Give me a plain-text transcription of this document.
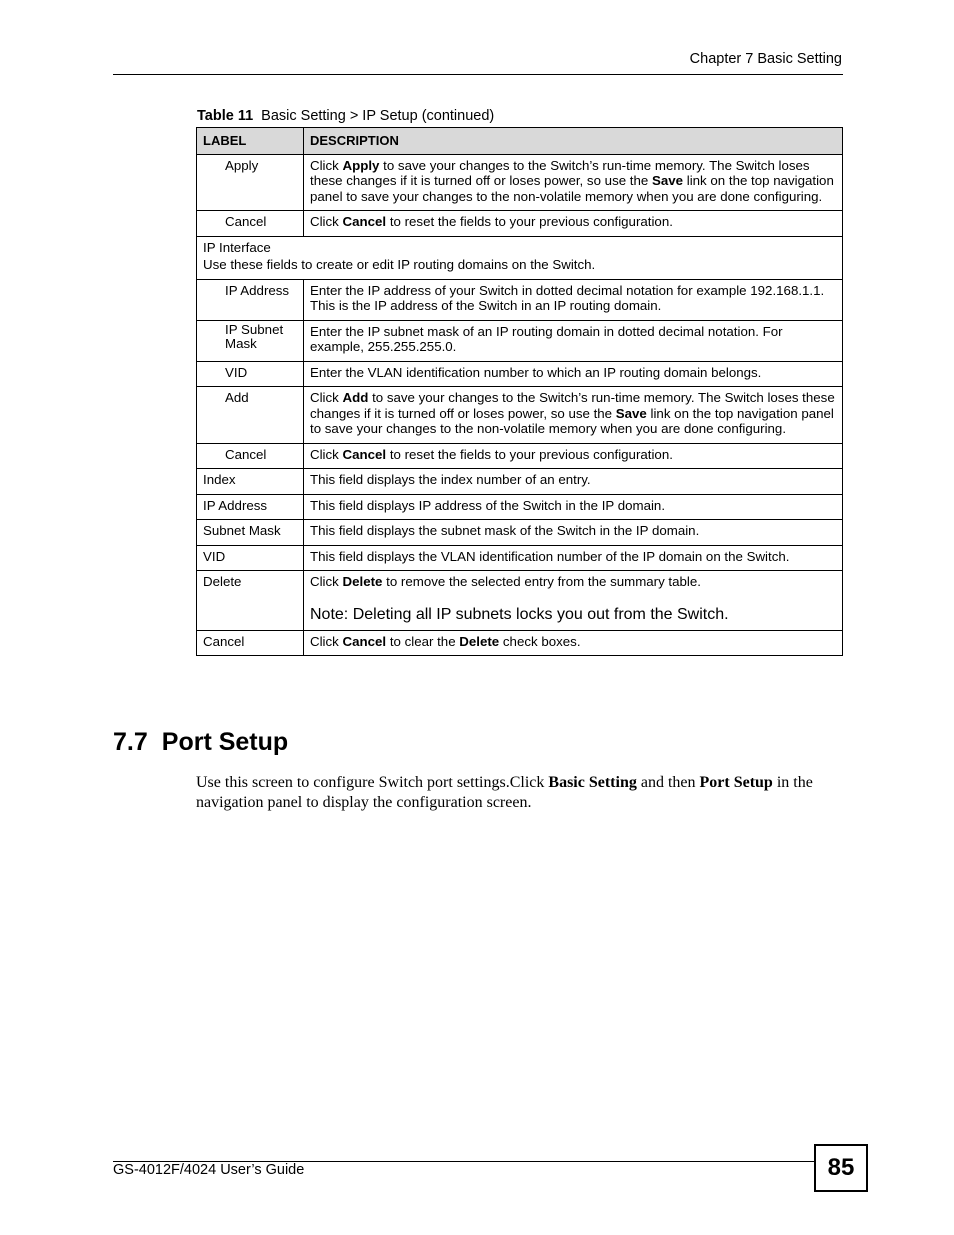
Chapter 7 Basic Setting
Table 11 Basic Setting > IP Setup (continued)
LABEL	DESCRIPTION
Apply	Click Apply to save your changes to the Switch’s run-time memory. The Switch loses these changes if it is turned off or loses power, so use the Save link on the top navigation panel to save your changes to the non-volatile memory when you are done configuring.
Cancel	Click Cancel to reset the fields to your previous configuration.

IP Interface
Use these fields to create or edit IP routing domains on the Switch.	

IP Address	Enter the IP address of your Switch in dotted decimal notation for example 192.168.1.1. This is the IP address of the Switch in an IP routing domain.
IP Subnet Mask	Enter the IP subnet mask of an IP routing domain in dotted decimal notation. For example, 255.255.255.0.
VID	Enter the VLAN identification number to which an IP routing domain belongs.
Add	Click Add to save your changes to the Switch’s run-time memory. The Switch loses these changes if it is turned off or loses power, so use the Save link on the top navigation panel to save your changes to the non-volatile memory when you are done configuring.
Cancel	Click Cancel to reset the fields to your previous configuration.
Index	This field displays the index number of an entry.
IP Address	This field displays IP address of the Switch in the IP domain.
Subnet Mask	This field displays the subnet mask of the Switch in the IP domain.
VID	This field displays the VLAN identification number of the IP domain on the Switch.
Delete	Click Delete to remove the selected entry from the summary table.
Note: Deleting all IP subnets locks you out from the Switch.

Cancel	Click Cancel to clear the Delete check boxes.
7.7 Port Setup
Use this screen to configure Switch port settings.Click Basic Setting and then Port Setup in the navigation panel to display the configuration screen.
GS-4012F/4024 User’s Guide	85
